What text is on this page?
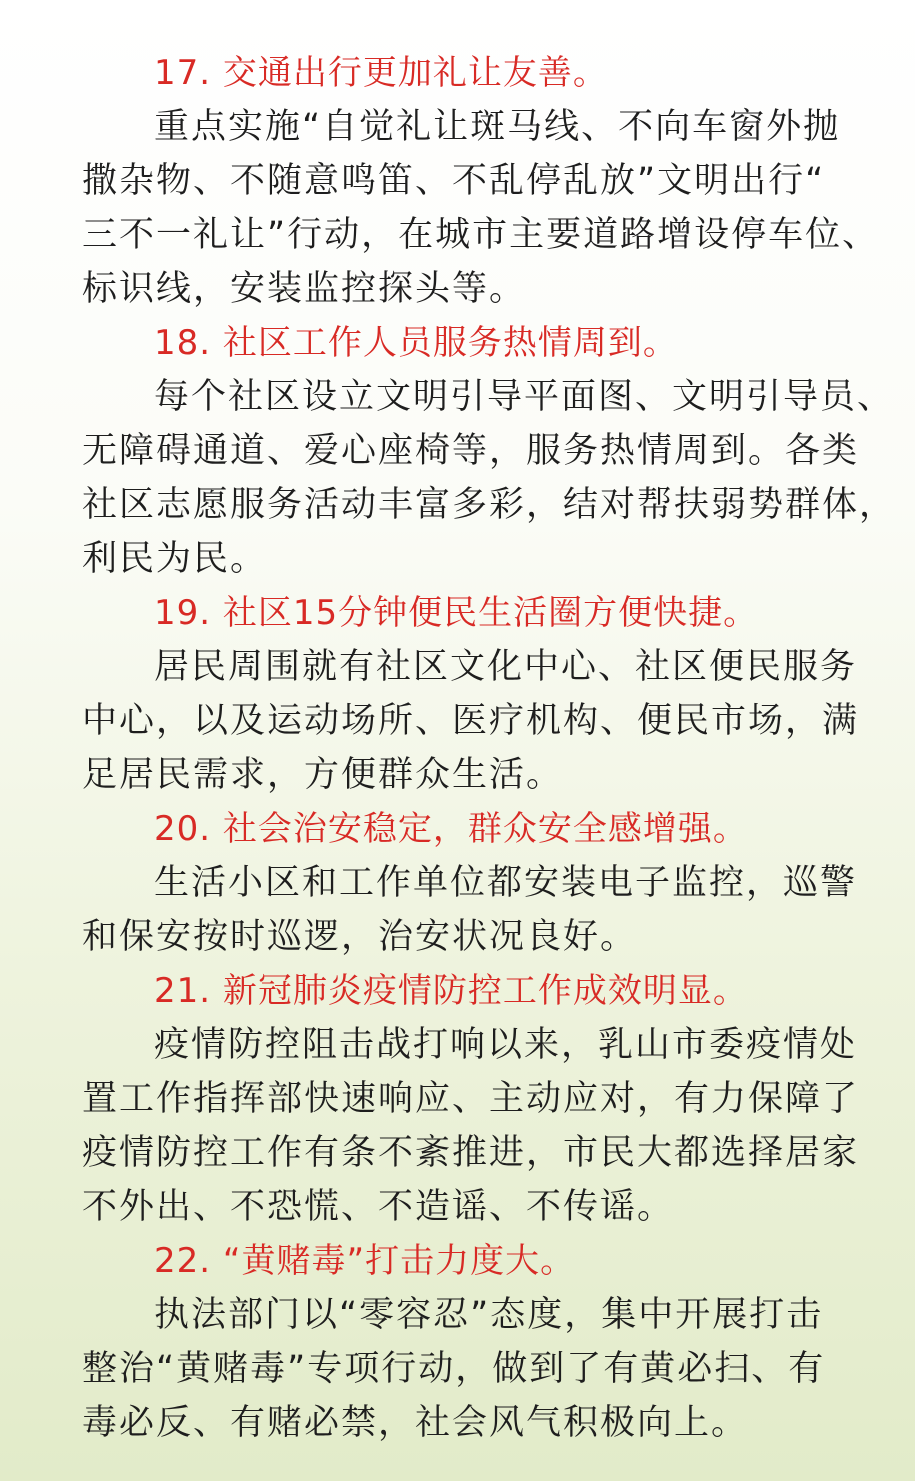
17. 交通出行更加礼让友善。

重点实施“自觉礼让斑马线、不向车窗外抛
撒杂物、不随意鸣笛、不乱停乱放”文明出行“
三不一礼让”行动，在城市主要道路增设停车位、
标识线，安装监控探头等。

18. 社区工作人员服务热情周到。

每个社区设立文明引导平面图、文明引导员、
无障碍通道、爱心座椅等，服务热情周到。各类
社区志愿服务活动丰富多彩，结对帮扶弱势群体，
利民为民。

19. 社区15分钟便民生活圈方便快捷。

居民周围就有社区文化中心、社区便民服务
中心，以及运动场所、医疗机构、便民市场，满
足居民需求，方便群众生活。

20. 社会治安稳定，群众安全感增强。

生活小区和工作单位都安装电子监控，巡警
和保安按时巡逻，治安状况良好。

21. 新冠肺炎疫情防控工作成效明显。

疫情防控阻击战打响以来，乳山市委疫情处
置工作指挥部快速响应、主动应对，有力保障了
疫情防控工作有条不紊推进，市民大都选择居家
不外出、不恐慌、不造谣、不传谣。

22. “黄赌毒”打击力度大。

执法部门以“零容忍”态度，集中开展打击
整治“黄赌毒”专项行动，做到了有黄必扫、有
毒必反、有赌必禁，社会风气积极向上。
